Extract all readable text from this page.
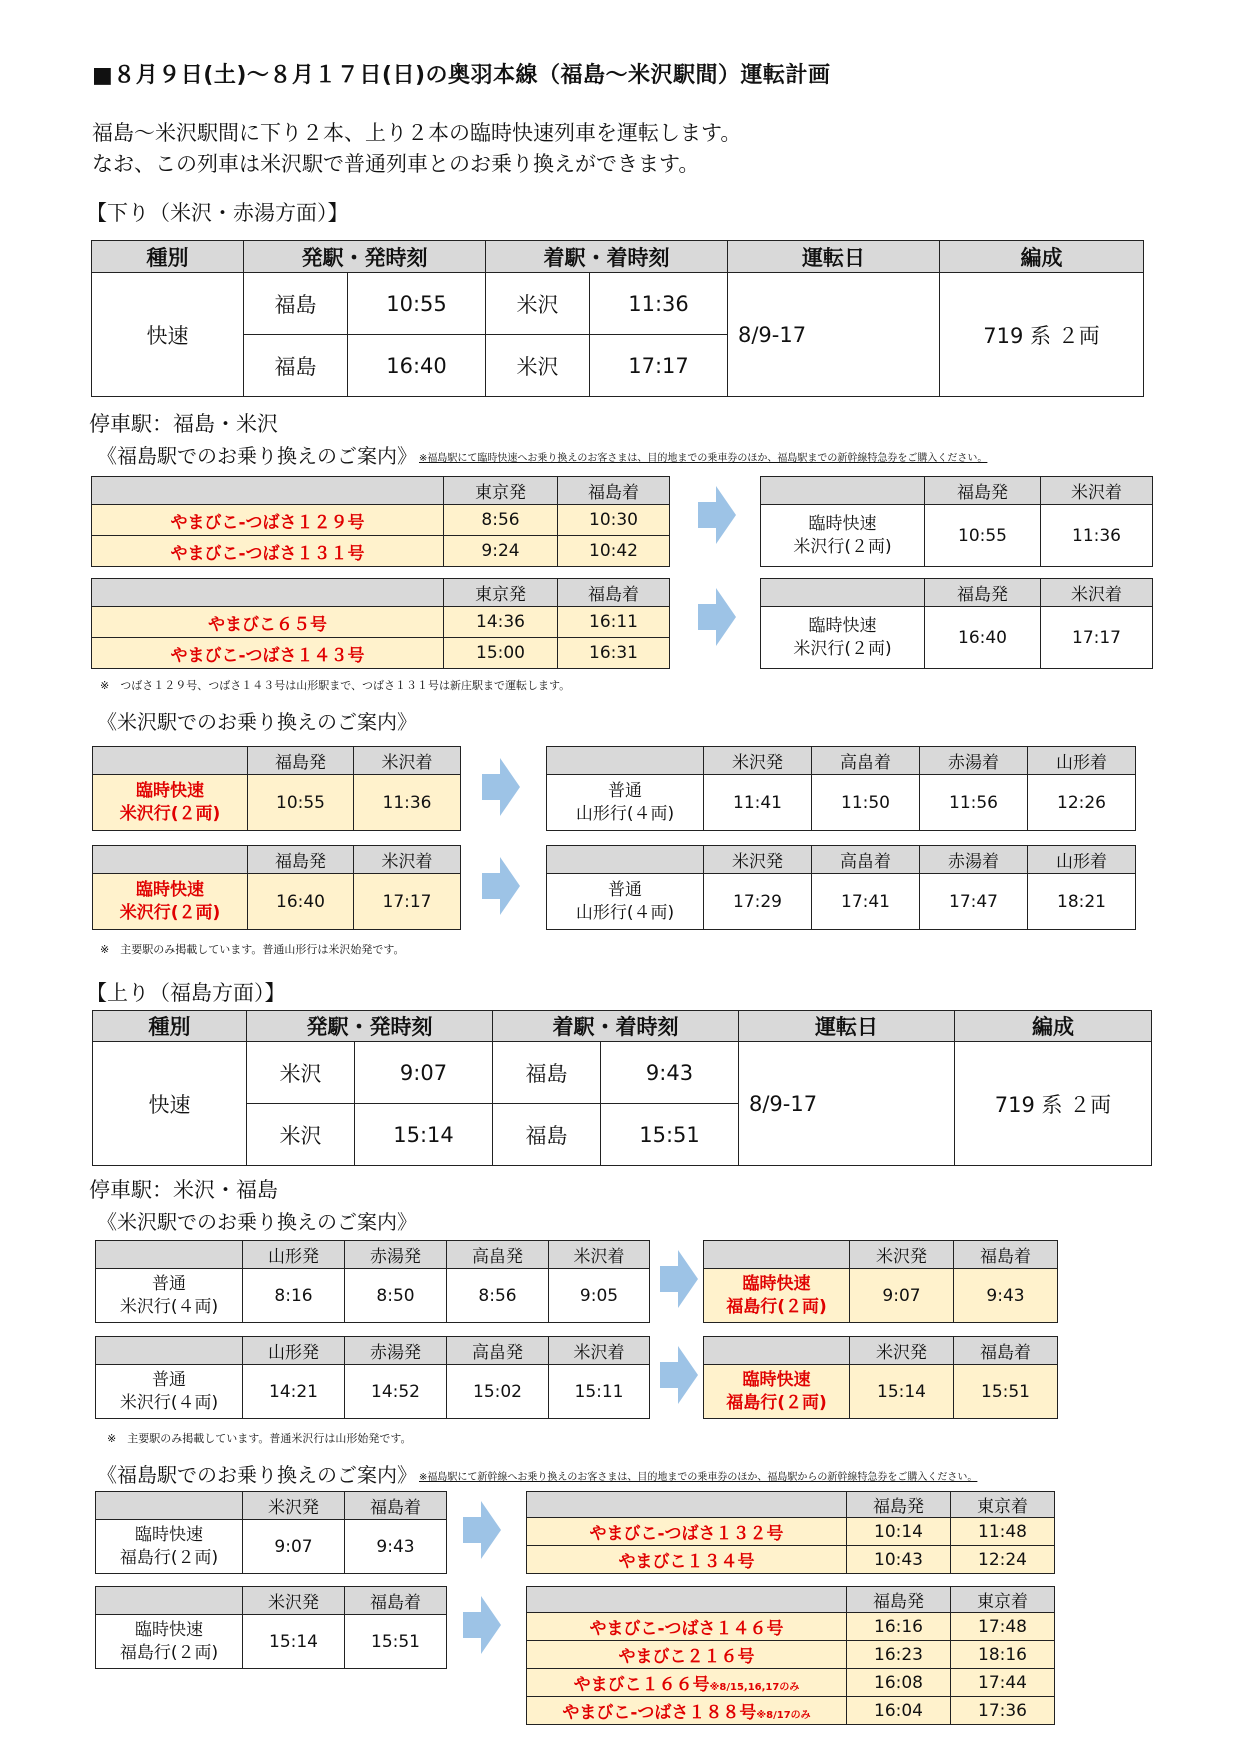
■８月９日(土)～８月１７日(日)の奥羽本線（福島～米沢駅間）運転計画
福島～米沢駅間に下り２本、上り２本の臨時快速列車を運転します。
なお、この列車は米沢駅で普通列車とのお乗り換えができます。
【下り（米沢・赤湯方面）】
種別	発駅・発時刻		着駅・着時刻		運転日	編成
快速	福島	10:55	米沢	11:36	8/9-17	719 系 ２両
	福島	16:40	米沢	17:17		
停車駅：福島・米沢
《福島駅でのお乗り換えのご案内》 ※福島駅にて臨時快速へお乗り換えのお客さまは、目的地までの乗車券のほか、福島駅までの新幹線特急券をご購入ください。
	東京発	福島着
やまびこ-つばさ１２９号	8:56	10:30
やまびこ-つばさ１３１号	9:24	10:42
	福島発	米沢着

臨時快速
米沢行(２両)	10:55	11:36
	東京発	福島着
やまびこ６５号	14:36	16:11
やまびこ-つばさ１４３号	15:00	16:31
	福島発	米沢着

臨時快速
米沢行(２両)	16:40	17:17
※　つばさ１２９号、つばさ１４３号は山形駅まで、つばさ１３１号は新庄駅まで運転します。
《米沢駅でのお乗り換えのご案内》
	福島発	米沢着

臨時快速
米沢行(２両)	10:55	11:36
	米沢発	高畠着	赤湯着	山形着

普通
山形行(４両)	11:41	11:50	11:56	12:26
	福島発	米沢着

臨時快速
米沢行(２両)	16:40	17:17
	米沢発	高畠着	赤湯着	山形着

普通
山形行(４両)	17:29	17:41	17:47	18:21
※　主要駅のみ掲載しています。普通山形行は米沢始発です。
【上り（福島方面）】
種別	発駅・発時刻		着駅・着時刻		運転日	編成
快速	米沢	9:07	福島	9:43	8/9-17	719 系 ２両
	米沢	15:14	福島	15:51		
停車駅：米沢・福島
《米沢駅でのお乗り換えのご案内》
	山形発	赤湯発	高畠発	米沢着

普通
米沢行(４両)	8:16	8:50	8:56	9:05
	米沢発	福島着

臨時快速
福島行(２両)	9:07	9:43
	山形発	赤湯発	高畠発	米沢着

普通
米沢行(４両)	14:21	14:52	15:02	15:11
	米沢発	福島着

臨時快速
福島行(２両)	15:14	15:51
※　主要駅のみ掲載しています。普通米沢行は山形始発です。
《福島駅でのお乗り換えのご案内》 ※福島駅にて新幹線へお乗り換えのお客さまは、目的地までの乗車券のほか、福島駅からの新幹線特急券をご購入ください。
	米沢発	福島着

臨時快速
福島行(２両)	9:07	9:43
	福島発	東京着
やまびこ-つばさ１３２号	10:14	11:48
やまびこ１３４号	10:43	12:24
	米沢発	福島着

臨時快速
福島行(２両)	15:14	15:51
	福島発	東京着
やまびこ-つばさ１４６号	16:16	17:48
やまびこ２１６号	16:23	18:16
やまびこ１６６号※8/15,16,17のみ	16:08	17:44
やまびこ-つばさ１８８号※8/17のみ	16:04	17:36
